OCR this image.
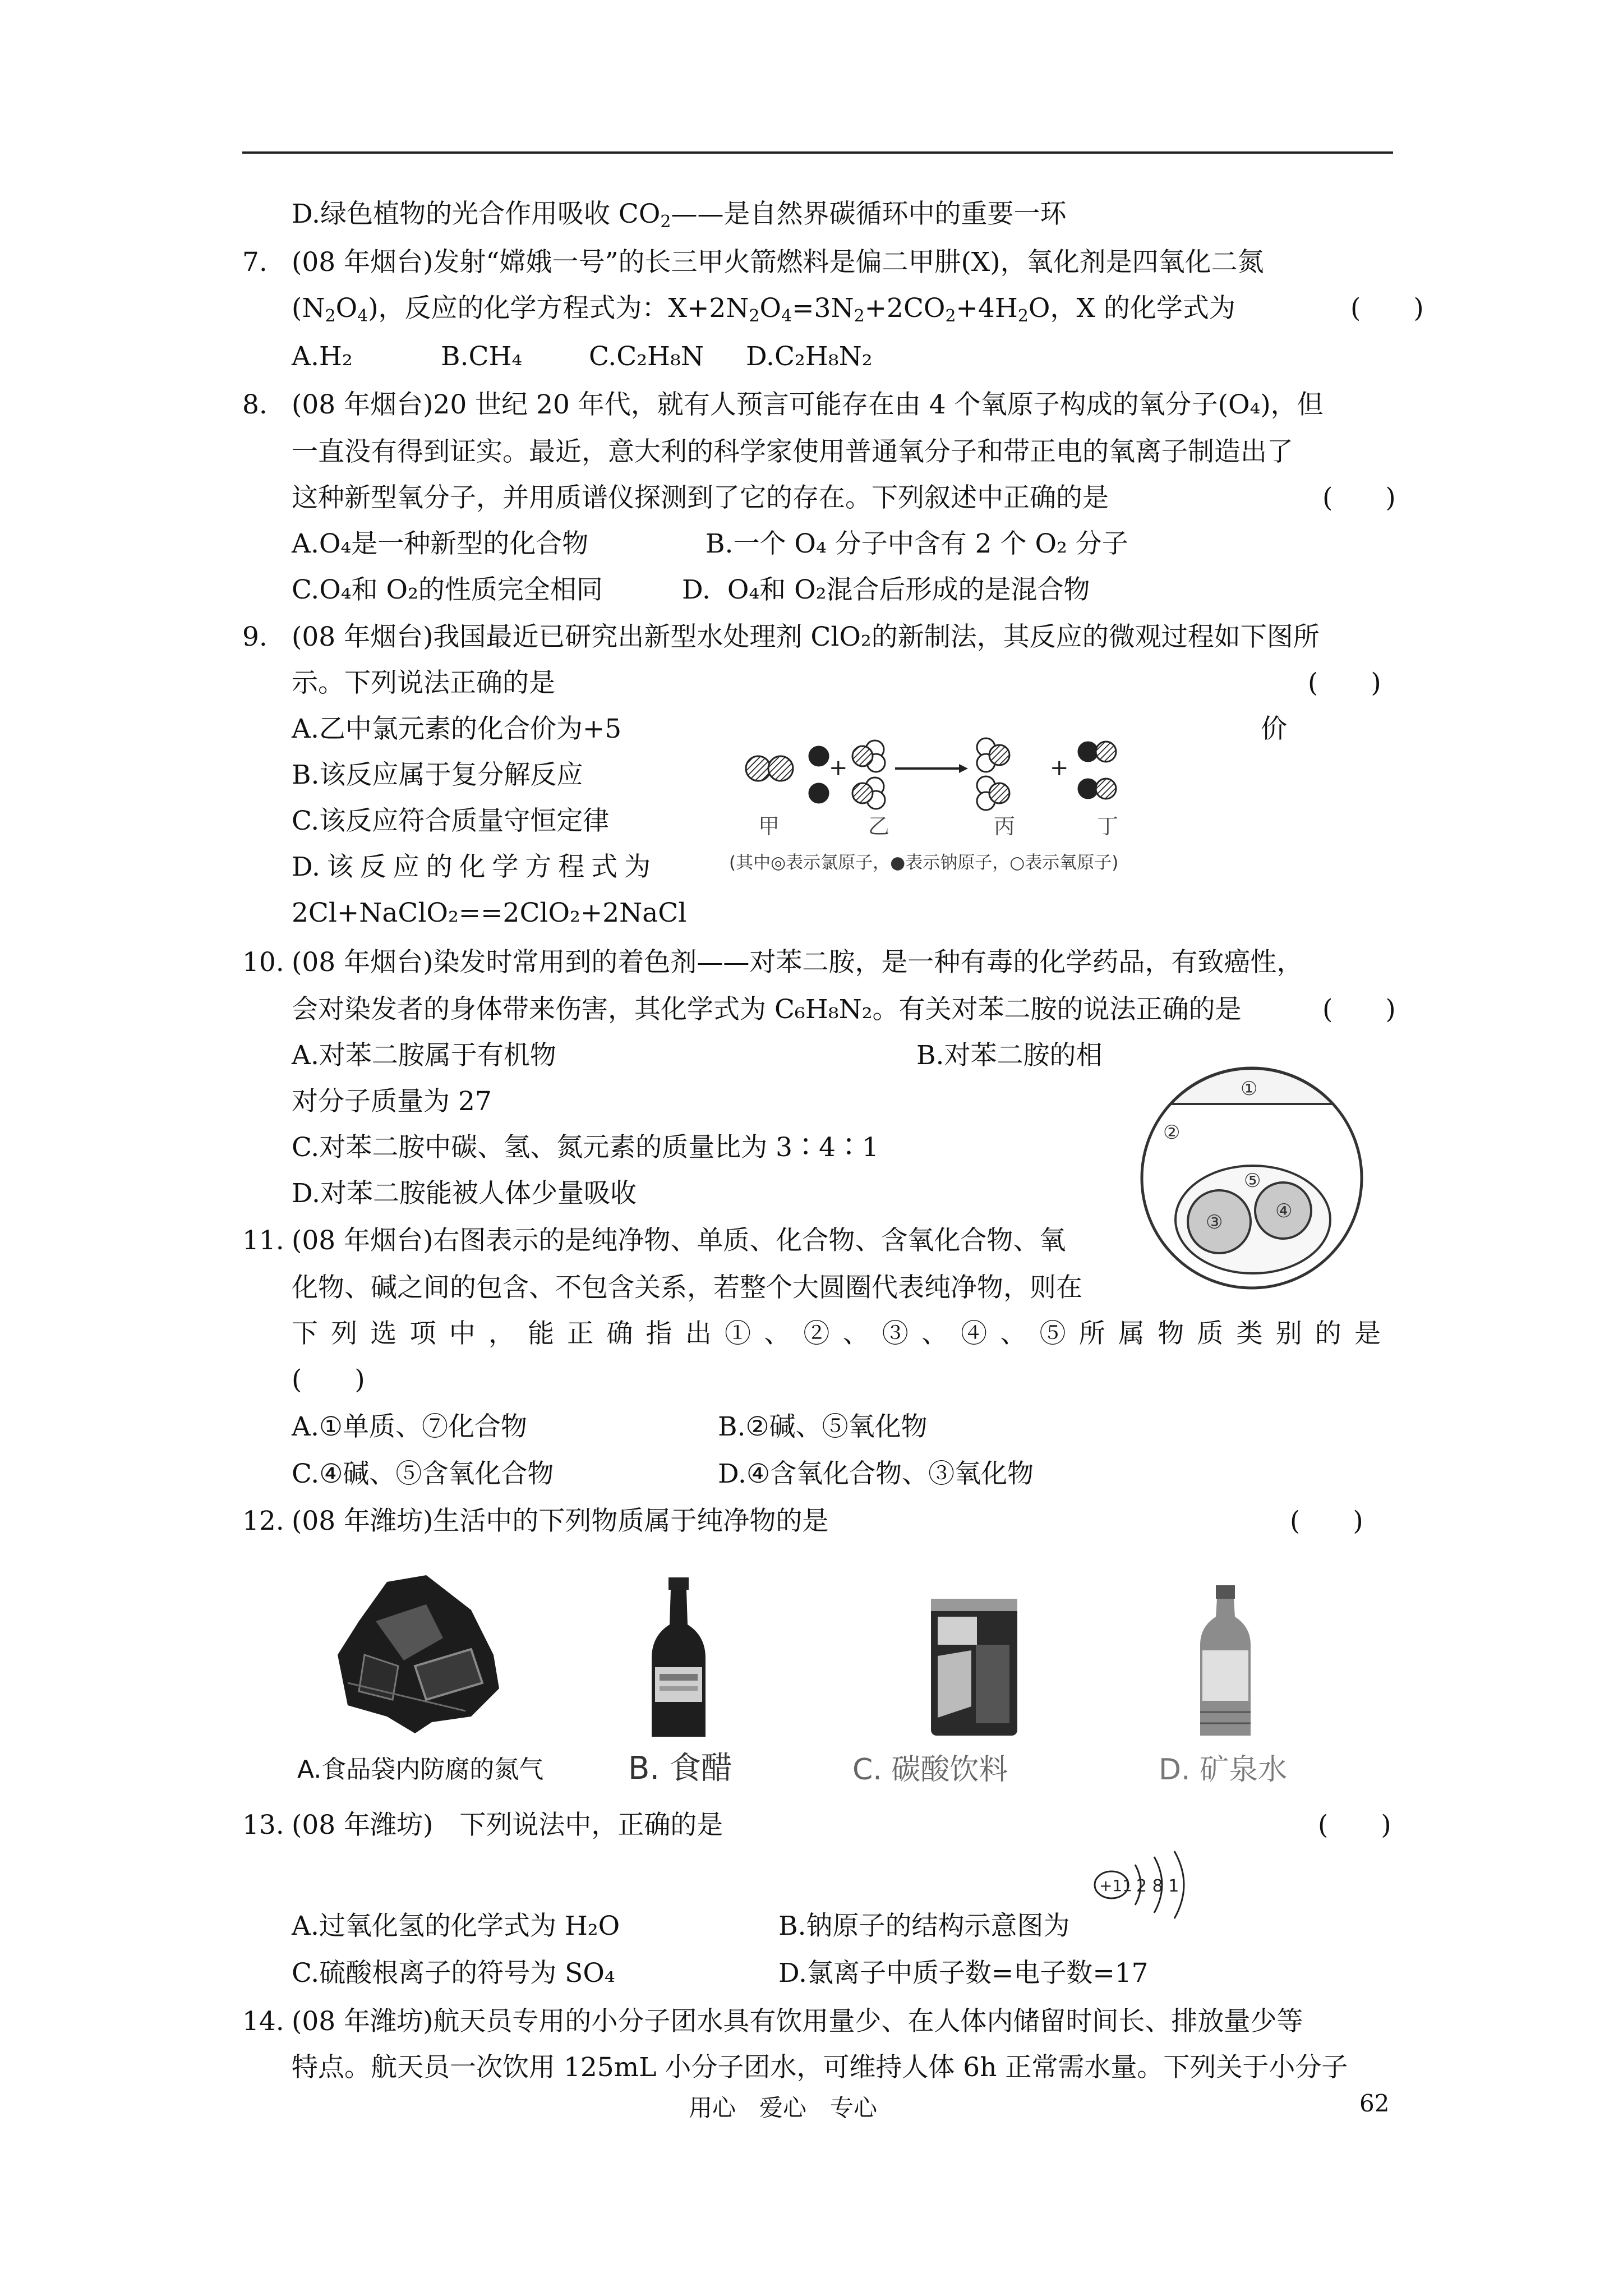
D.绿色植物的光合作用吸收 $CO_2——$是自然界碳循环中的重要一环
7. (08 年烟台)发射“嫦娥一号”的长三甲火箭燃料是偏二甲肼(X)，氧化剂是四氧化二氮
$(N_2O_4)$，反应的化学方程式为：$X+2N_2O_4=3N_2+2CO_2+4H_2O$，X 的化学式为	(　　)
A.H₂	B.CH₄	C.C₂H₈N D.C₂H₈N₂
8. (08 年烟台)20 世纪 20 年代，就有人预言可能存在由 4 个氧原子构成的氧分子(O₄)，但
一直没有得到证实。最近，意大利的科学家使用普通氧分子和带正电的氧离子制造出了
这种新型氧分子，并用质谱仪探测到了它的存在。下列叙述中正确的是	(　　)
A.O₄是一种新型的化合物	B.一个 O₄ 分子中含有 2 个 O₂ 分子
C.O₄和 O₂的性质完全相同	D.  O₄和 O₂混合后形成的是混合物
9. (08 年烟台)我国最近已研究出新型水处理剂 ClO₂的新制法，其反应的微观过程如下图所
示。下列说法正确的是	(　　)
A.乙中氯元素的化合价为+5	价
B.该反应属于复分解反应
C.该反应符合质量守恒定律
D.该反应的化学方程式为
2Cl+NaClO₂==2ClO₂+2NaCl
+	+
甲	乙	丙	丁
(其中◎表示氯原子，●表示钠原子，○表示氧原子)
10. (08 年烟台)染发时常用到的着色剂——对苯二胺，是一种有毒的化学药品，有致癌性，
会对染发者的身体带来伤害，其化学式为 C₆H₈N₂。有关对苯二胺的说法正确的是	(　　)
A.对苯二胺属于有机物	B.对苯二胺的相
对分子质量为 27
C.对苯二胺中碳、氢、氮元素的质量比为 3∶4∶1
D.对苯二胺能被人体少量吸收
①
②
③	④
⑤
11. (08 年烟台)右图表示的是纯净物、单质、化合物、含氧化合物、氧
化物、碱之间的包含、不包含关系，若整个大圆圈代表纯净物，则在
下列选项中，能正确指出①、②、③、④、⑤所属物质类别的是
(　　)
A.①单质、⑦化合物	B.②碱、⑤氧化物
C.④碱、⑤含氧化合物	D.④含氧化合物、③氧化物
12. (08 年潍坊)生活中的下列物质属于纯净物的是	(　　)
A.食品袋内防腐的氮气	B. 食醋	C. 碳酸饮料	D. 矿泉水
13. (08 年潍坊)　下列说法中，正确的是	(　　)
A.过氧化氢的化学式为 H₂O	B.钠原子的结构示意图为
+11 2 8 1
C.硫酸根离子的符号为 SO₄	D.氯离子中质子数=电子数=17
14. (08 年潍坊)航天员专用的小分子团水具有饮用量少、在人体内储留时间长、排放量少等
特点。航天员一次饮用 125mL 小分子团水，可维持人体 6h 正常需水量。下列关于小分子
用心　爱心　专心	62
